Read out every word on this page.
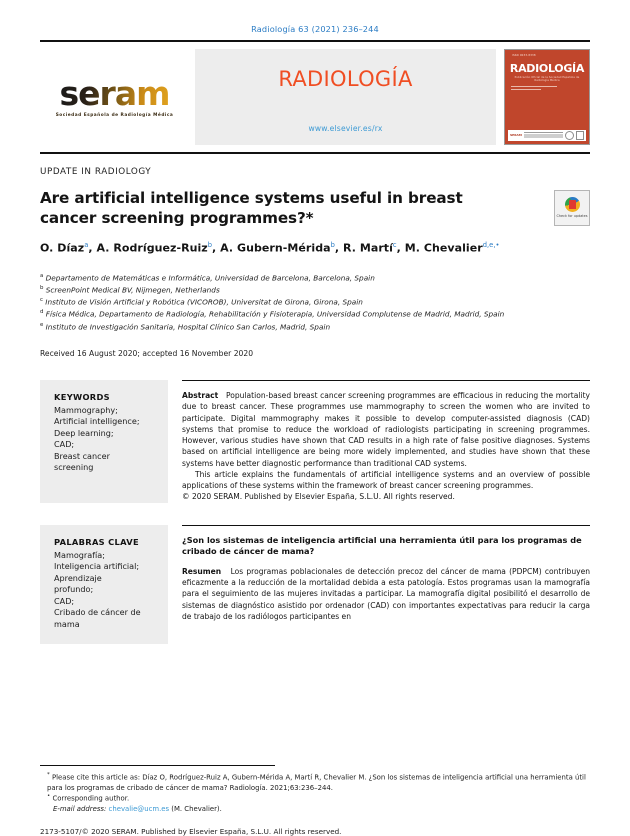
Radiología 63 (2021) 236–244
seram
Sociedad Española de Radiología Médica
RADIOLOGÍA
www.elsevier.es/rx
ISSN 0033-8338
RADIOLOGÍA
Publicación Oficial de la Sociedad Española de Radiología Médica
SERAM
UPDATE IN RADIOLOGY
Are artificial intelligence systems useful in breast cancer screening programmes?*	Check for updates
O. Díaz$^a$, A. Rodríguez-Ruiz$^b$, A. Gubern-Mérida$^b$, R. Martí$^c$, M. Chevalier$^{d,e,•}$
$^a$ Departamento de Matemáticas e Informática, Universidad de Barcelona, Barcelona, Spain
$^b$ ScreenPoint Medical BV, Nijmegen, Netherlands
$^c$ Instituto de Visión Artificial y Robótica (VICOROB), Universitat de Girona, Girona, Spain
$^d$ Física Médica, Departamento de Radiología, Rehabilitación y Fisioterapia, Universidad Complutense de Madrid, Madrid, Spain
$^e$ Instituto de Investigación Sanitaria, Hospital Clínico San Carlos, Madrid, Spain
Received 16 August 2020; accepted 16 November 2020
KEYWORDS
Mammography;
Artificial intelligence;
Deep learning;
CAD;
Breast cancer
screening

Abstract Population-based breast cancer screening programmes are efficacious in reducing the mortality due to breast cancer. These programmes use mammography to screen the women who are invited to participate. Digital mammography makes it possible to develop computer-assisted diagnosis (CAD) systems that promise to reduce the workload of radiologists participating in screening programmes. However, various studies have shown that CAD results in a high rate of false positive diagnoses. Systems based on artificial intelligence are being more widely implemented, and studies have shown that these systems have better diagnostic performance than traditional CAD systems.

This article explains the fundamentals of artificial intelligence systems and an overview of possible applications of these systems within the framework of breast cancer screening programmes.

© 2020 SERAM. Published by Elsevier España, S.L.U. All rights reserved.

PALABRAS CLAVE
Mamografía;
Inteligencia artificial;
Aprendizaje
profundo;
CAD;
Cribado de cáncer de
mama

¿Son los sistemas de inteligencia artificial una herramienta útil para los programas de cribado de cáncer de mama?

Resumen Los programas poblacionales de detección precoz del cáncer de mama (PDPCM) contribuyen eficazmente a la reducción de la mortalidad debida a esta patología. Estos programas usan la mamografía para el seguimiento de las mujeres invitadas a participar. La mamografía digital posibilitó el desarrollo de sistemas de diagnóstico asistido por ordenador (CAD) con importantes expectativas para reducir la carga de trabajo de los radiólogos participantes en

* Please cite this article as: Díaz O, Rodríguez-Ruiz A, Gubern-Mérida A, Martí R, Chevalier M. ¿Son los sistemas de inteligencia artificial una herramienta útil para los programas de cribado de cáncer de mama? Radiología. 2021;63:236–244.
• Corresponding author.
E-mail address: chevalie@ucm.es (M. Chevalier).
2173-5107/© 2020 SERAM. Published by Elsevier España, S.L.U. All rights reserved.
